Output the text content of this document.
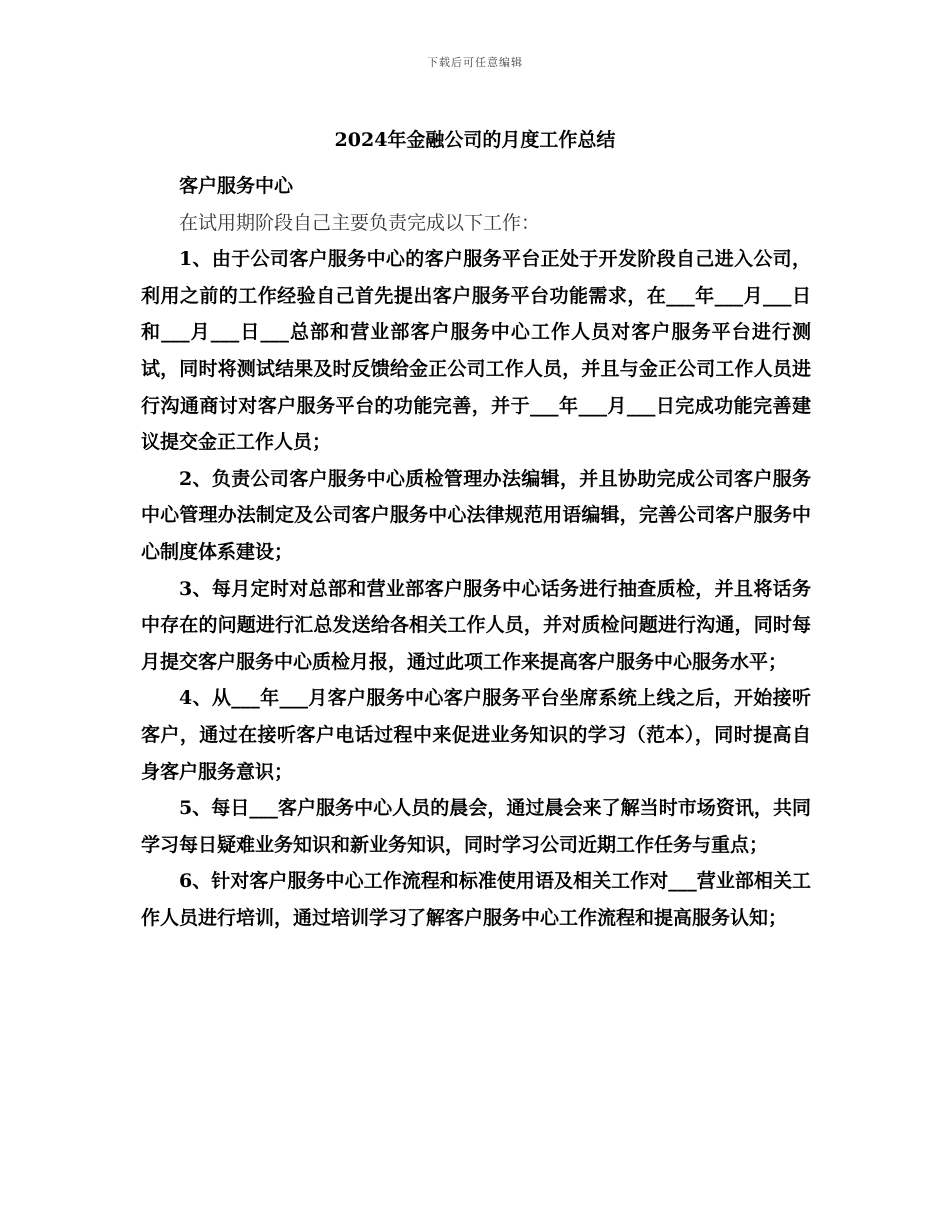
下载后可任意编辑
2024年金融公司的月度工作总结

客户服务中心

在试用期阶段自己主要负责完成以下工作：

1、由于公司客户服务中心的客户服务平台正处于开发阶段自己进入公司，利用之前的工作经验自己首先提出客户服务平台功能需求，在___年___月___日和___月___日___总部和营业部客户服务中心工作人员对客户服务平台进行测试，同时将测试结果及时反馈给金正公司工作人员，并且与金正公司工作人员进行沟通商讨对客户服务平台的功能完善，并于___年___月___日完成功能完善建议提交金正工作人员；

2、负责公司客户服务中心质检管理办法编辑，并且协助完成公司客户服务中心管理办法制定及公司客户服务中心法律规范用语编辑，完善公司客户服务中心制度体系建设；

3、每月定时对总部和营业部客户服务中心话务进行抽查质检，并且将话务中存在的问题进行汇总发送给各相关工作人员，并对质检问题进行沟通，同时每月提交客户服务中心质检月报，通过此项工作来提高客户服务中心服务水平；

4、从___年___月客户服务中心客户服务平台坐席系统上线之后，开始接听客户，通过在接听客户电话过程中来促进业务知识的学习（范本），同时提高自身客户服务意识；

5、每日___客户服务中心人员的晨会，通过晨会来了解当时市场资讯，共同学习每日疑难业务知识和新业务知识，同时学习公司近期工作任务与重点；

6、针对客户服务中心工作流程和标准使用语及相关工作对___营业部相关工作人员进行培训，通过培训学习了解客户服务中心工作流程和提高服务认知；
